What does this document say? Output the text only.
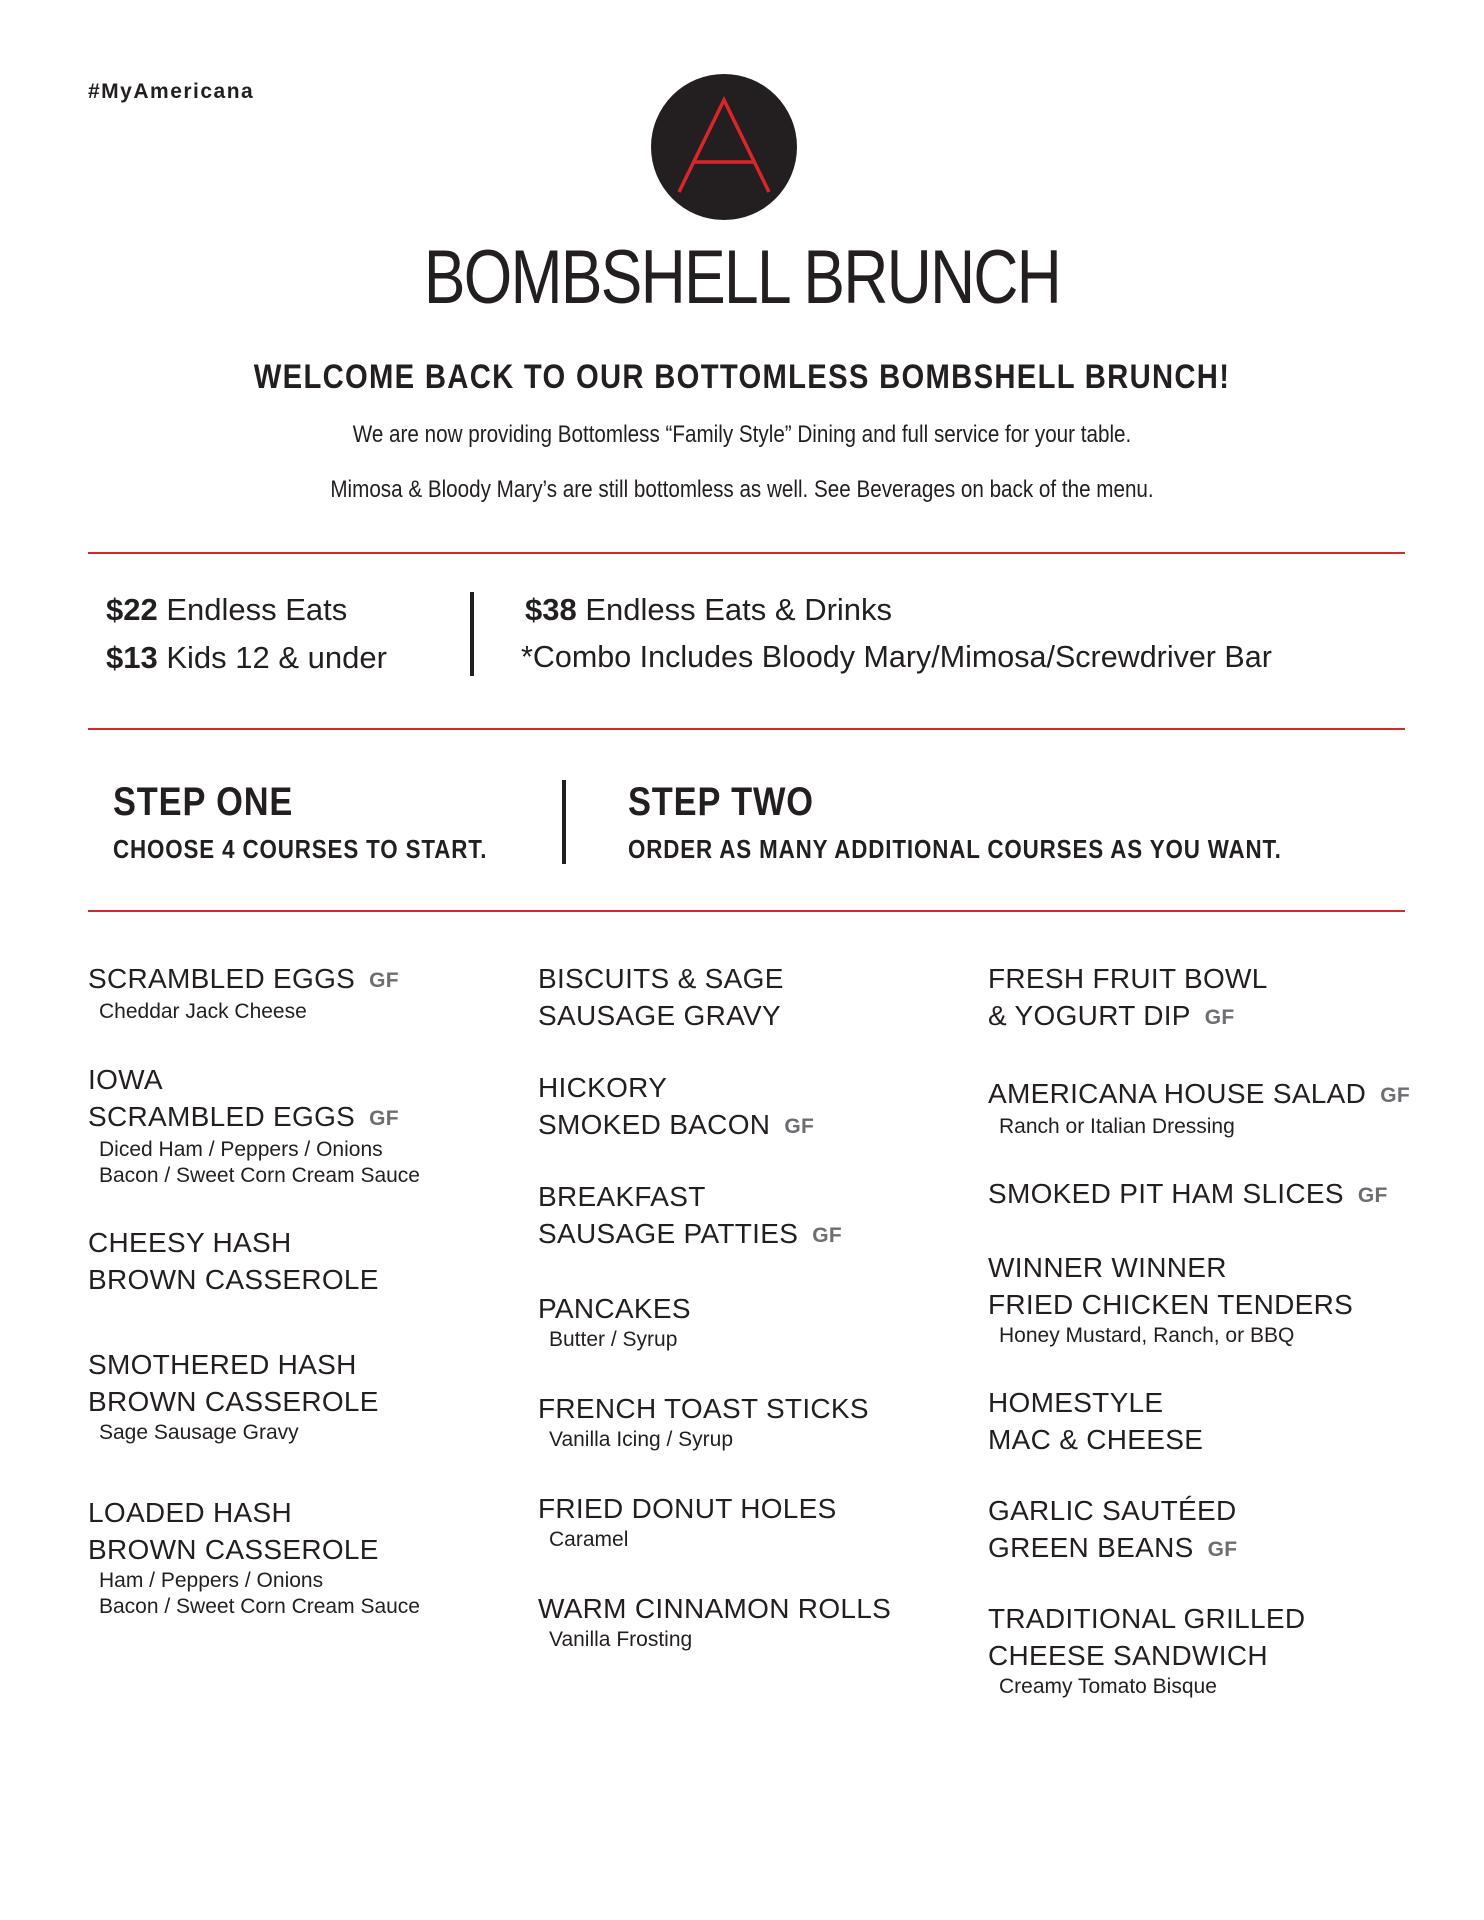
#MyAmericana
BOMBSHELL BRUNCH
WELCOME BACK TO OUR BOTTOMLESS BOMBSHELL BRUNCH!
We are now providing Bottomless “Family Style” Dining and full service for your table.
Mimosa & Bloody Mary’s are still bottomless as well. See Beverages on back of the menu.
$22 Endless Eats
$13 Kids 12 & under
$38 Endless Eats & Drinks
*Combo Includes Bloody Mary/Mimosa/Screwdriver Bar
STEP ONE
CHOOSE 4 COURSES TO START.
STEP TWO
ORDER AS MANY ADDITIONAL COURSES AS YOU WANT.
SCRAMBLED EGGS GF
Cheddar Jack Cheese
IOWA
SCRAMBLED EGGS GF
Diced Ham / Peppers / Onions
Bacon / Sweet Corn Cream Sauce
CHEESY HASH
BROWN CASSEROLE
SMOTHERED HASH
BROWN CASSEROLE
Sage Sausage Gravy
LOADED HASH
BROWN CASSEROLE
Ham / Peppers / Onions
Bacon / Sweet Corn Cream Sauce
BISCUITS & SAGE
SAUSAGE GRAVY
HICKORY
SMOKED BACON GF
BREAKFAST
SAUSAGE PATTIES GF
PANCAKES
Butter / Syrup
FRENCH TOAST STICKS
Vanilla Icing / Syrup
FRIED DONUT HOLES
Caramel
WARM CINNAMON ROLLS
Vanilla Frosting
FRESH FRUIT BOWL
& YOGURT DIP GF
AMERICANA HOUSE SALAD GF
Ranch or Italian Dressing
SMOKED PIT HAM SLICES GF
WINNER WINNER
FRIED CHICKEN TENDERS
Honey Mustard, Ranch, or BBQ
HOMESTYLE
MAC & CHEESE
GARLIC SAUTÉED
GREEN BEANS GF
TRADITIONAL GRILLED
CHEESE SANDWICH
Creamy Tomato Bisque
